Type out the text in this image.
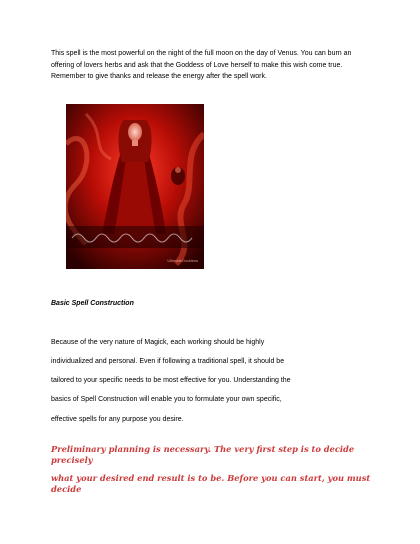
This spell is the most powerful on the night of the full moon on the day of Venus. You can burn an offering of lovers herbs and ask that the Goddess of Love herself to make this wish come true. Remember to give thanks and release the energy after the spell work.
UltimateGoddess
Basic Spell Construction
Because of the very nature of Magick, each working should be highly
individualized and personal. Even if following a traditional spell, it should be
tailored to your specific needs to be most effective for you. Understanding the
basics of Spell Construction will enable you to formulate your own specific,
effective spells for any purpose you desire.
Preliminary planning is necessary. The very first step is to decide precisely
what your desired end result is to be. Before you can start, you must decide
